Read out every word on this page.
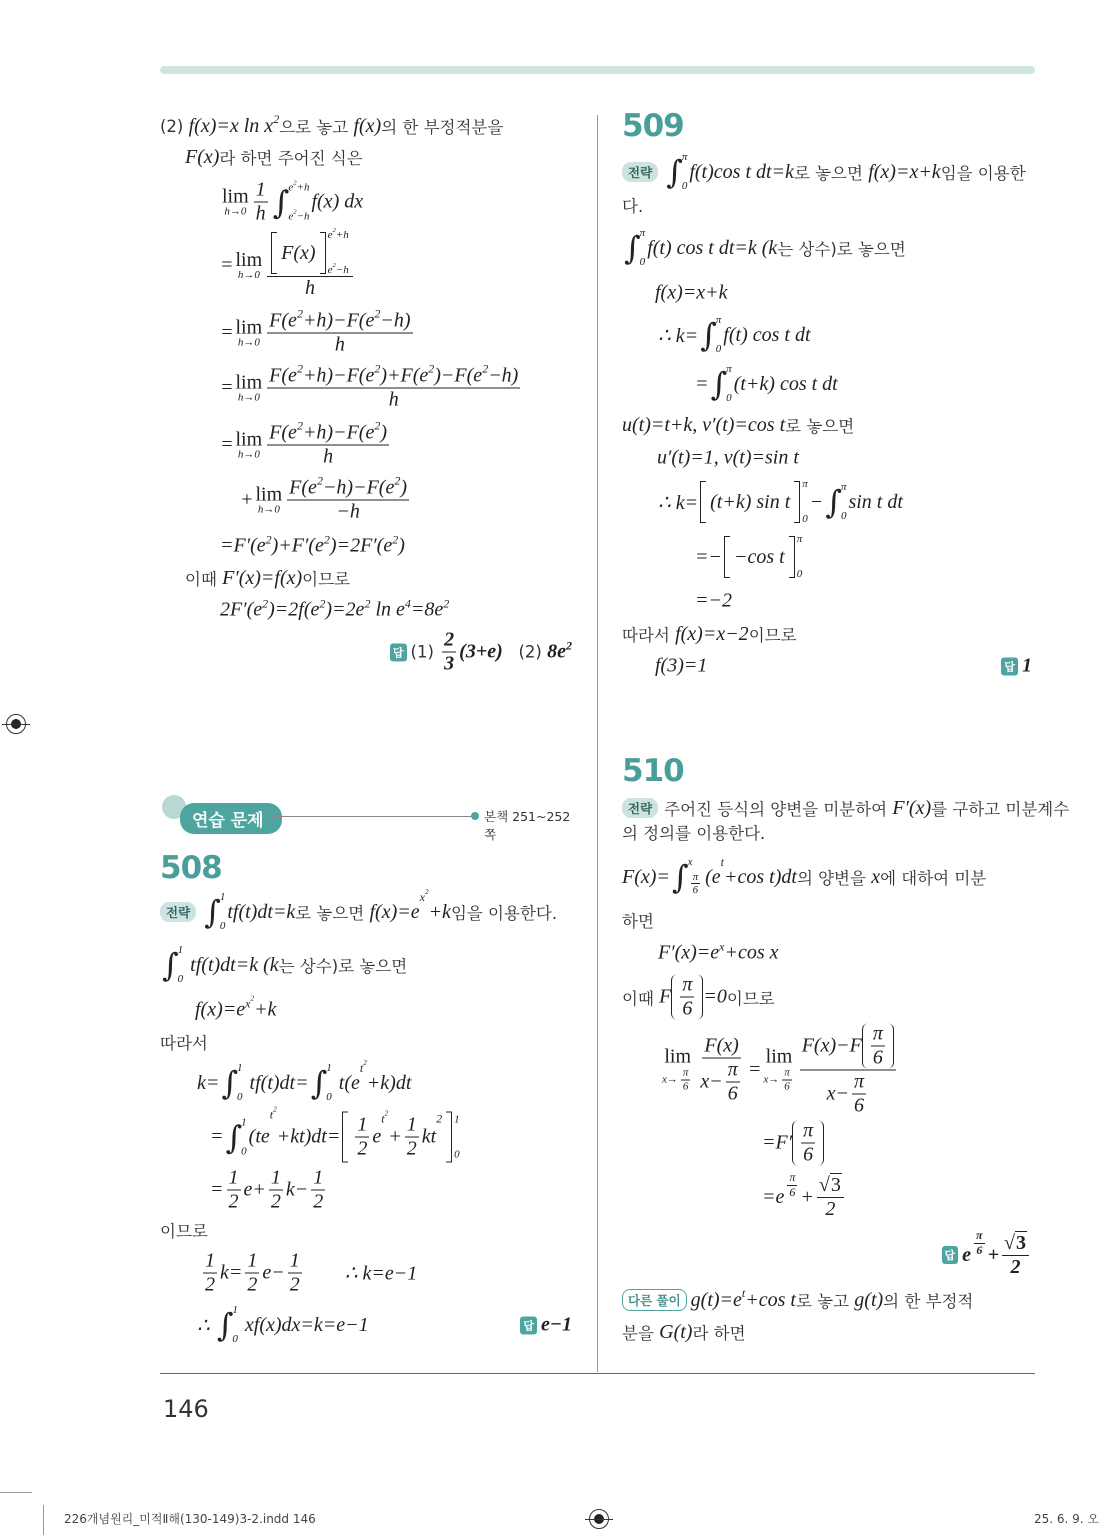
연습 문제	본책 251~252쪽
508
509
510
(2) f(x)=x ln x 2 으로 놓고 f(x) 의 한 부정적분을
F(x) 라 하면 주어진 식은
lim
$h\to 0 \frac{1}{h}$ ∫ e 2 +h
e 2 −h
f(x) dx
= lim
h→0 F(x)
e 2 +h
e 2 −h
h
= lim
$h\to 0 \frac{F(e 2 +h)-F(e 2 -h)}{h}$
= lim
$h\to 0 \frac{F(e 2 +h)-F(e 2 )+F(e 2 )-F(e 2 -h)}{h}$
= lim
$h\to 0 \frac{F(e 2 +h)-F(e 2 )}{h}$
+ lim
$h\to 0 \frac{F(e 2 -h)-F(e 2 )}{-h}$
=F′(e 2 )+F′(e 2 )=2F′(e 2 )
이때 F′(x)=f(x) 이므로
2F′(e 2 )=2f(e 2 )=2e 2 ln e 4 =8e 2
답 $(1) \frac{2}{3} (3+e)$ (2) 8e 2
전략 ∫ 1
0
tf(t)dt=k 로 놓으면 f(x)=e
x 2
+k 임을 이용한다.
∫ 1
0
tf(t)dt=k (k 는 상수)로 놓으면
f(x)=e x 2 +k
따라서
k= ∫ 1
0
tf(t)dt= ∫ 1
0
t(e
t 2
+k)dt
= ∫ 1
0
(te
t 2
$+kt)dt= \frac{1}{2}$ e
t 2
+ $\frac{1}{2}$ kt
2 1
0
= $\frac{1}{2} e+ \frac{1}{2} k- \frac{1}{2}$
이므로
$\frac{1}{2} k= \frac{1}{2} e- \frac{1}{2}$ ∴ k=e−1
∴ ∫ 1
0
xf(x)dx=k=e−1	답 e−1
전략 ∫ π
0
f(t)cos t dt=k 로 놓으면 f(x)=x+k 임을 이용한
다.
∫ π
0
f(t) cos t dt=k (k 는 상수)로 놓으면
f(x)=x+k
∴ k= ∫ π
0
f(t) cos t dt
= ∫ π
0
(t+k) cos t dt
u(t)=t+k, v′(t)=cos t 로 놓으면
u′(t)=1, v(t)=sin t
∴ k= (t+k) sin t
π
0
− ∫ π
0
sin t dt
=− −cos t
π
0
=−2
따라서 f(x)=x−2 이므로
f(3)=1	답 1
전략 주어진 등식의 양변을 미분하여 F′(x) 를 구하고 미분계수
의 정의를 이용한다.
F(x)= ∫ x
$\frac{\pi}{6} (e$
t
+cos t)dt 의 양변을 x 에 대하여 미분
하면
F′(x)=e x +cos x
이때 F $\frac{\pi}{6} =0$ 이므로
lim
$x\to \frac{\pi}{6} \frac{F(x)}{x- \frac{\pi}{6}}$ =
lim
$x\to \frac{\pi}{6} \frac{F(x)-F \frac{\pi}{6}}{x- \frac{\pi}{6}}$
$=F' \frac{\pi}{6}$
$=e \frac{\pi}{6} + \frac{√ 3}{2}$
답 e $\frac{\pi}{6} + \frac{√ 3}{2}$
다른 풀이 g(t)=e t +cos t 로 놓고 g(t) 의 한 부정적
분을 G(t) 라 하면
146
226개념원리_미적Ⅱ해(130-149)3-2.indd 146	25. 6. 9. 오
